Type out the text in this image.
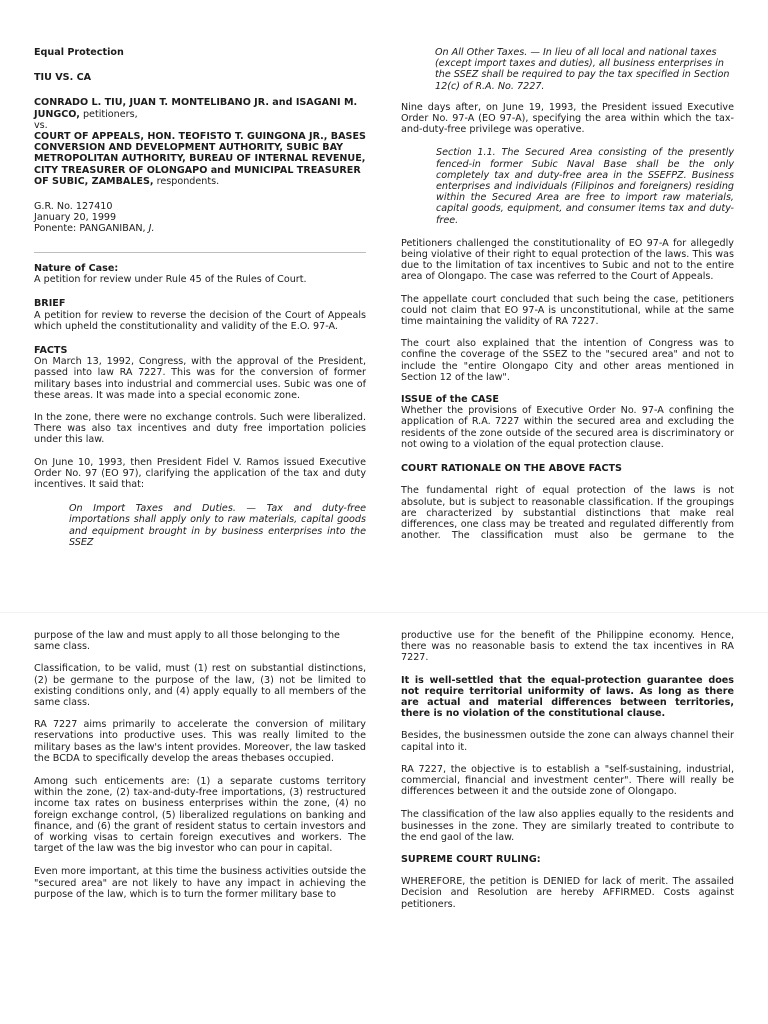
Equal Protection

TIU VS. CA

CONRADO L. TIU, JUAN T. MONTELIBANO JR. and ISAGANI M. JUNGCO, petitioners,
vs.
COURT OF APPEALS, HON. TEOFISTO T. GUINGONA JR., BASES CONVERSION AND DEVELOPMENT AUTHORITY, SUBIC BAY METROPOLITAN AUTHORITY, BUREAU OF INTERNAL REVENUE, CITY TREASURER OF OLONGAPO and MUNICIPAL TREASURER OF SUBIC, ZAMBALES, respondents.
G.R. No. 127410
January 20, 1999
Ponente: PANGANIBAN, J.
Nature of Case:

A petition for review under Rule 45 of the Rules of Court.

BRIEF

A petition for review to reverse the decision of the Court of Appeals which upheld the constitutionality and validity of the E.O. 97-A.

FACTS

On March 13, 1992, Congress, with the approval of the President, passed into law RA 7227. This was for the conversion of former military bases into industrial and commercial uses. Subic was one of these areas. It was made into a special economic zone.

In the zone, there were no exchange controls. Such were liberalized. There was also tax incentives and duty free importation policies under this law.

On June 10, 1993, then President Fidel V. Ramos issued Executive Order No. 97 (EO 97), clarifying the application of the tax and duty incentives. It said that:

On Import Taxes and Duties. — Tax and duty-free importations shall apply only to raw materials, capital goods and equipment brought in by business enterprises into the SSEZ

On All Other Taxes. — In lieu of all local and national taxes (except import taxes and duties), all business enterprises in the SSEZ shall be required to pay the tax specified in Section 12(c) of R.A. No. 7227.

Nine days after, on June 19, 1993, the President issued Executive Order No. 97-A (EO 97-A), specifying the area within which the tax-and-duty-free privilege was operative.

Section 1.1. The Secured Area consisting of the presently fenced-in former Subic Naval Base shall be the only completely tax and duty-free area in the SSEFPZ. Business enterprises and individuals (Filipinos and foreigners) residing within the Secured Area are free to import raw materials, capital goods, equipment, and consumer items tax and duty-free.

Petitioners challenged the constitutionality of EO 97-A for allegedly being violative of their right to equal protection of the laws. This was due to the limitation of tax incentives to Subic and not to the entire area of Olongapo. The case was referred to the Court of Appeals.

The appellate court concluded that such being the case, petitioners could not claim that EO 97-A is unconstitutional, while at the same time maintaining the validity of RA 7227.

The court also explained that the intention of Congress was to confine the coverage of the SSEZ to the "secured area" and not to include the "entire Olongapo City and other areas mentioned in Section 12 of the law".

ISSUE of the CASE

Whether the provisions of Executive Order No. 97-A confining the application of R.A. 7227 within the secured area and excluding the residents of the zone outside of the secured area is discriminatory or not owing to a violation of the equal protection clause.

COURT RATIONALE ON THE ABOVE FACTS

The fundamental right of equal protection of the laws is not absolute, but is subject to reasonable classification. If the groupings are characterized by substantial distinctions that make real differences, one class may be treated and regulated differently from another. The classification must also be germane to the

purpose of the law and must apply to all those belonging to the same class.

Classification, to be valid, must (1) rest on substantial distinctions, (2) be germane to the purpose of the law, (3) not be limited to existing conditions only, and (4) apply equally to all members of the same class.

RA 7227 aims primarily to accelerate the conversion of military reservations into productive uses. This was really limited to the military bases as the law's intent provides. Moreover, the law tasked the BCDA to specifically develop the areas thebases occupied.

Among such enticements are: (1) a separate customs territory within the zone, (2) tax-and-duty-free importations, (3) restructured income tax rates on business enterprises within the zone, (4) no foreign exchange control, (5) liberalized regulations on banking and finance, and (6) the grant of resident status to certain investors and of working visas to certain foreign executives and workers. The target of the law was the big investor who can pour in capital.

Even more important, at this time the business activities outside the "secured area" are not likely to have any impact in achieving the purpose of the law, which is to turn the former military base to

productive use for the benefit of the Philippine economy. Hence, there was no reasonable basis to extend the tax incentives in RA 7227.

It is well-settled that the equal-protection guarantee does not require territorial uniformity of laws. As long as there are actual and material differences between territories, there is no violation of the constitutional clause.

Besides, the businessmen outside the zone can always channel their capital into it.

RA 7227, the objective is to establish a "self-sustaining, industrial, commercial, financial and investment center". There will really be differences between it and the outside zone of Olongapo.

The classification of the law also applies equally to the residents and businesses in the zone. They are similarly treated to contribute to the end gaol of the law.

SUPREME COURT RULING:

WHEREFORE, the petition is DENIED for lack of merit. The assailed Decision and Resolution are hereby AFFIRMED. Costs against petitioners.
